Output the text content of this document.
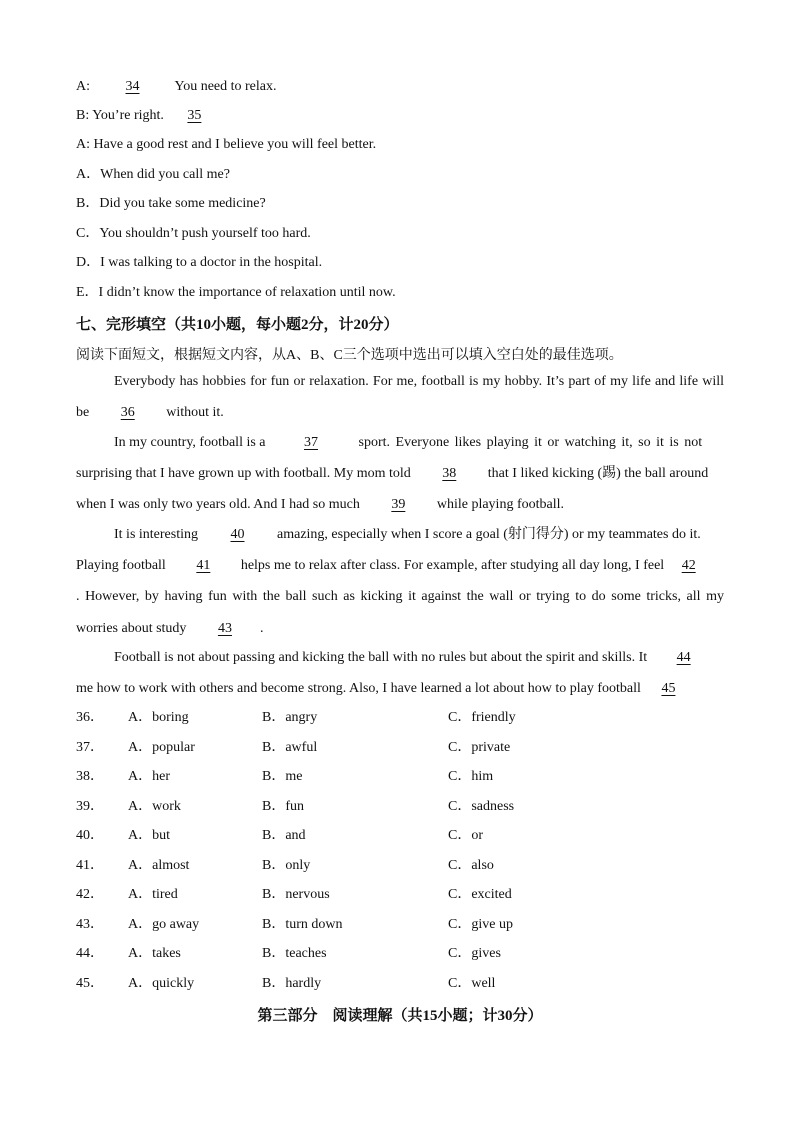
A: 34 You need to relax.
B: You’re right. 35
A: Have a good rest and I believe you will feel better.
A．When did you call me?
B．Did you take some medicine?
C．You shouldn’t push yourself too hard.
D．I was talking to a doctor in the hospital.
E．I didn’t know the importance of relaxation until now.
七、完形填空（共10小题，每小题2分，计20分）
阅读下面短文，根据短文内容，从A、B、C三个选项中选出可以填入空白处的最佳选项。
Everybody has hobbies for fun or relaxation. For me, football is my hobby. It’s part of my life and life will
be 36 without it.
In my country, football is a	37	sport. Everyone likes playing it or watching it, so it is not
surprising that I have grown up with football. My mom told 38 that I liked kicking (踢) the ball around
when I was only two years old. And I had so much 39 while playing football.
It is interesting 40 amazing, especially when I score a goal (射门得分) or my teammates do it.
Playing football 41 helps me to relax after class. For example, after studying all day long, I feel 42
. However, by having fun with the ball such as kicking it against the wall or trying to do some tricks, all my
worries about study 43 .
Football is not about passing and kicking the ball with no rules but about the spirit and skills. It 44
me how to work with others and become strong. Also, I have learned a lot about how to play football 45
36． A．boring	B．angry	C．friendly
37． A．popular	B．awful	C．private
38． A．her	B．me	C．him
39． A．work	B．fun	C．sadness
40． A．but	B．and	C．or
41． A．almost	B．only	C．also
42． A．tired	B．nervous	C．excited
43． A．go away	B．turn down	C．give up
44． A．takes	B．teaches	C．gives
45． A．quickly	B．hardly	C．well
第三部分    阅读理解（共15小题；计30分）
